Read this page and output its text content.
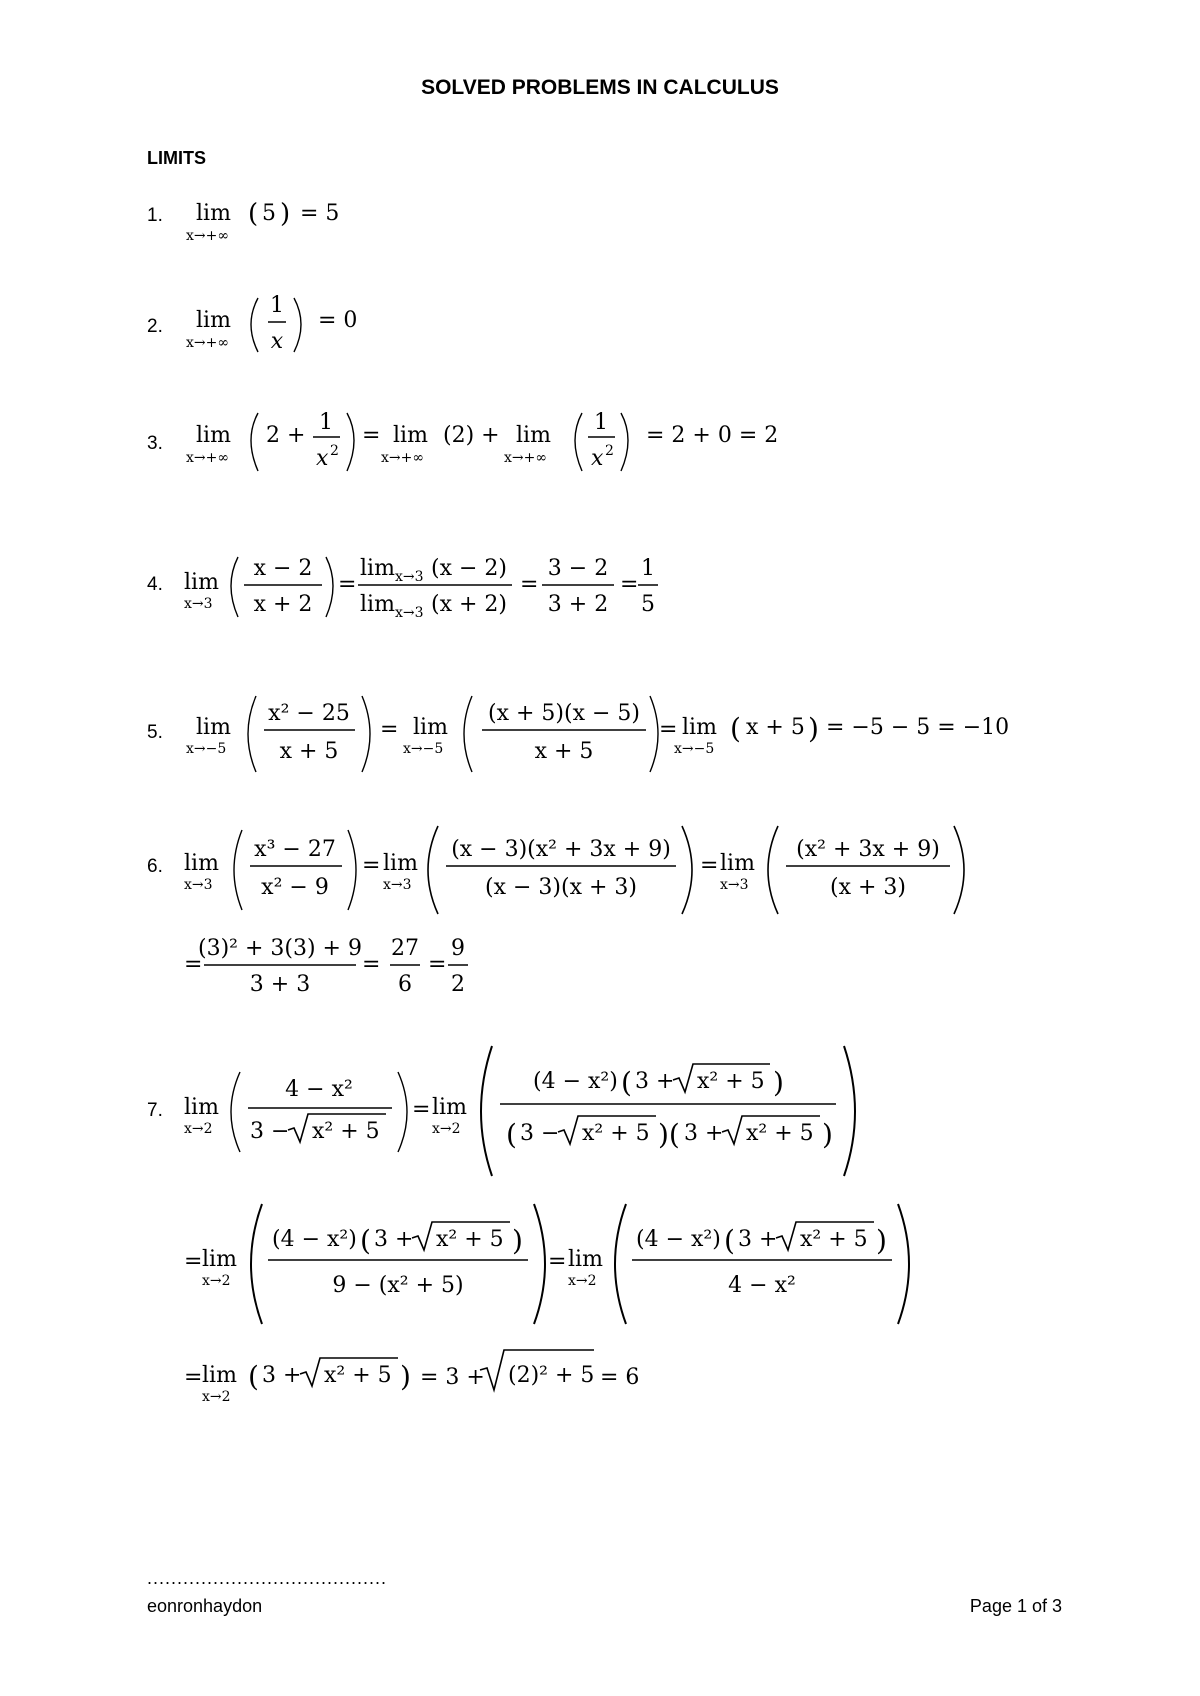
SOLVED PROBLEMS IN CALCULUS
LIMITS
1.
2.
3.
4.
5.
6.
7.
lim
x→+∞
( 5 ) = 5
lim
x→+∞
1
x
= 0
lim
x→+∞
2 +
1
x 2
= lim
x→+∞
(2) + lim
x→+∞
1
x 2
= 2 + 0 = 2
lim
x→3
x − 2
x + 2
=
lim x→3 (x − 2)
lim x→3 (x + 2)
=
3 − 2
3 + 2
=
1
5
lim
x→−5
x² − 25
x + 5
= lim
x→−5
(x + 5)(x − 5)
x + 5
= lim
x→−5
( x + 5 ) = −5 − 5 = −10
lim
x→3
x³ − 27
x² − 9
= lim
x→3
(x − 3)(x² + 3x + 9)
(x − 3)(x + 3)
= lim
x→3
(x² + 3x + 9)
(x + 3)
=
(3)² + 3(3) + 9
3 + 3
=
27
6
=
9
2
lim
x→2
4 − x²
3 − x² + 5
= lim
x→2
(4 − x²) ( 3 + x² + 5 )
( 3 − x² + 5 )( 3 + x² + 5 )
= lim
x→2
(4 − x²) ( 3 + x² + 5 )
9 − (x² + 5)
= lim
x→2
(4 − x²) ( 3 + x² + 5 )
4 − x²
= lim
x→2
( 3 + x² + 5 ) = 3 + (2)² + 5 = 6
........................................
eonronhaydon	Page 1 of 3
